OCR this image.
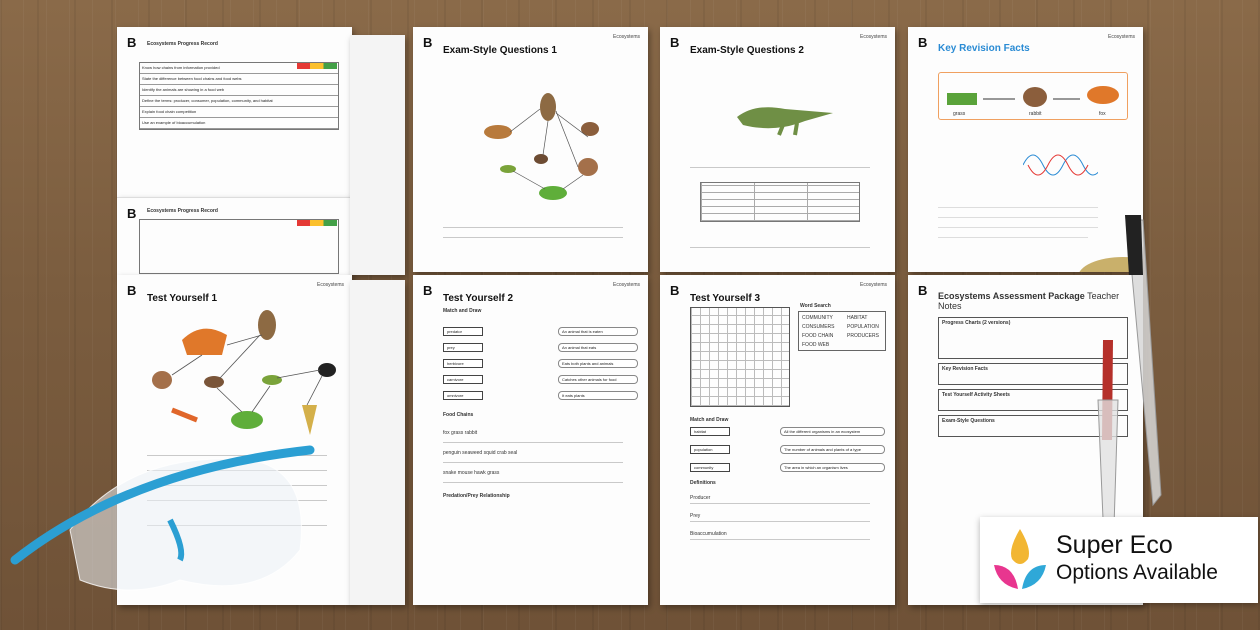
B Ecosystems Progress Record
Know how chains from information provided
State the difference between food chains and food webs
Identify the animals are showing in a food web
Define the terms: producer, consumer, population, community, and habitat
Explain food chain competition
Use an example of bioaccumulation
B Ecosystems Progress Record
B	Ecosystems
Exam-Style Questions 1
B	Ecosystems
Exam-Style Questions 2
B	Ecosystems
Key Revision Facts
grass	rabbit	fox
B	Ecosystems
Test Yourself 1
B	Ecosystems
Test Yourself 2
Match and Draw
predator
prey
herbivore
carnivore
omnivore
An animal that is eaten
An animal that eats
Eats both plants and animals
Catches other animals for food
It eats plants
Food Chains
fox grass rabbit
penguin seaweed squid crab seal
snake mouse hawk grass
Predation/Prey Relationship
B	Ecosystems
Test Yourself 3
Word Search
COMMUNITY	HABITAT
CONSUMERS POPULATION
FOOD CHAIN	PRODUCERS
FOOD WEB
Match and Draw
habitat
population
community
All the different organisms in an ecosystem
The number of animals and plants of a type
The area in which an organism lives
Definitions
Producer
Prey
Bioaccumulation
B Ecosystems Assessment Package Teacher Notes
Progress Charts (2 versions)
Key Revision Facts
Test Yourself Activity Sheets
Exam-Style Questions
Super Eco
Options Available
